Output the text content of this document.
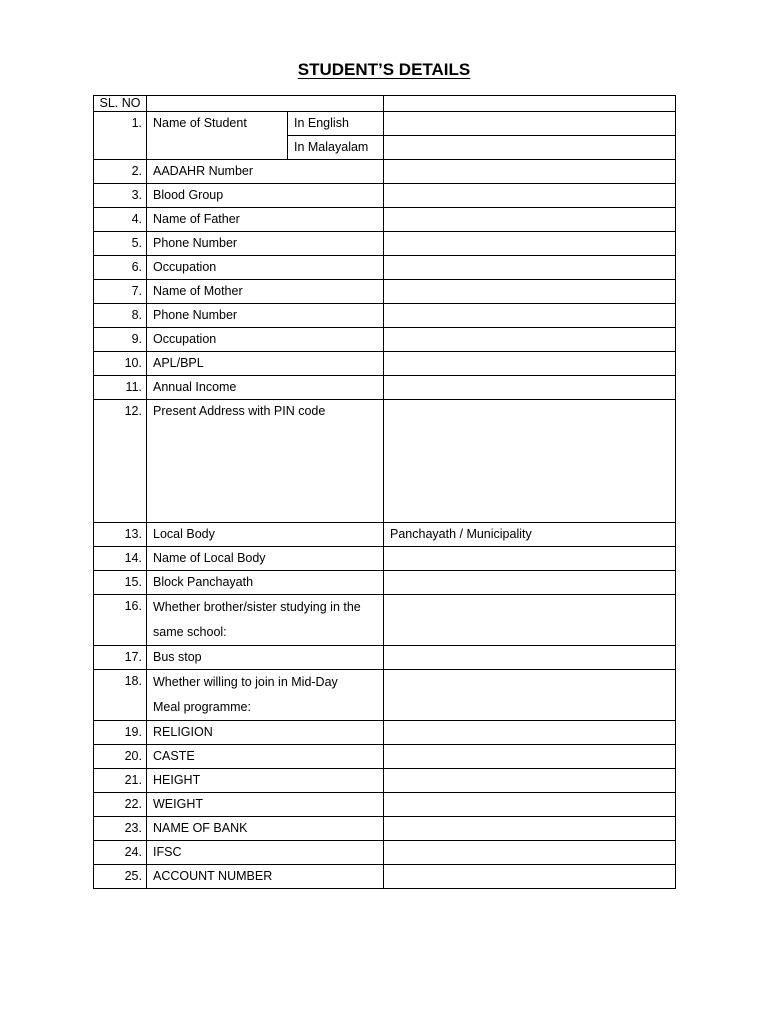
STUDENT’S DETAILS
SL. NO			
1.	Name of Student	In English	
		In Malayalam	
2.	AADAHR Number		
3.	Blood Group		
4.	Name of Father		
5.	Phone Number		
6.	Occupation		
7.	Name of Mother		
8.	Phone Number		
9.	Occupation		
10.	APL/BPL		
11.	Annual Income		
12.	Present Address with PIN code		
13.	Local Body		Panchayath / Municipality
14.	Name of Local Body		
15.	Block Panchayath		
16.	Whether brother/sister studying in the
same school:		
17.	Bus stop		
18.	Whether willing to join in Mid-Day
Meal programme:		
19.	RELIGION		
20.	CASTE		
21.	HEIGHT		
22.	WEIGHT		
23.	NAME OF BANK		
24.	IFSC		
25.	ACCOUNT NUMBER		
